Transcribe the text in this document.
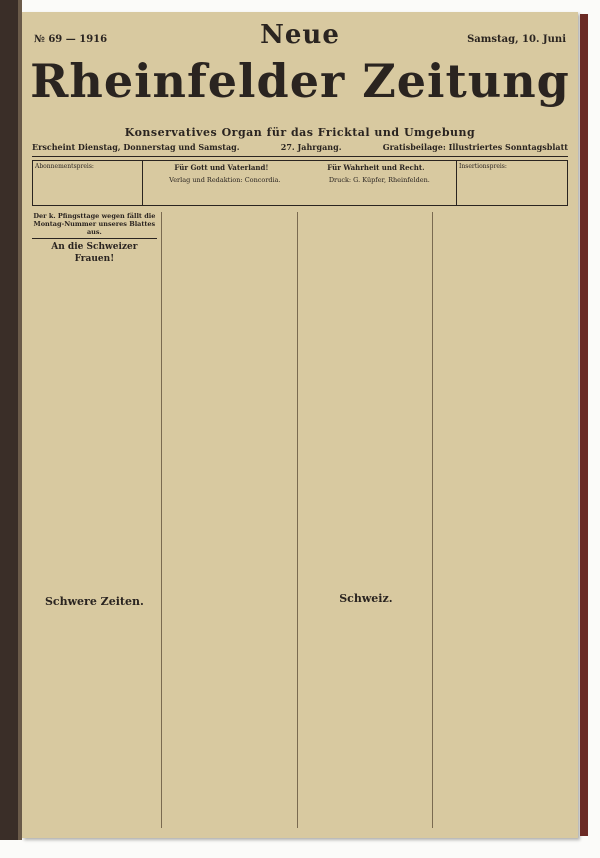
№ 69 — 1916	Samstag, 10. Juni
Neue
Rheinfelder Zeitung
Konservatives Organ für das Fricktal und Umgebung
Erscheint Dienstag, Donnerstag und Samstag.	27. Jahrgang.	Gratisbeilage: Illustriertes Sonntagsblatt
Abonnementspreis:	Für Gott und Vaterland!	Für Wahrheit und Recht.
Verlag und Redaktion: Concordia.	Druck: G. Küpfer, Rheinfelden.
Insertionspreis:
Der k. Pfingsttage wegen fällt die Montag-Nummer unseres Blattes aus.
An die Schweizer Frauen!
Schwere Zeiten.	Schweiz.
